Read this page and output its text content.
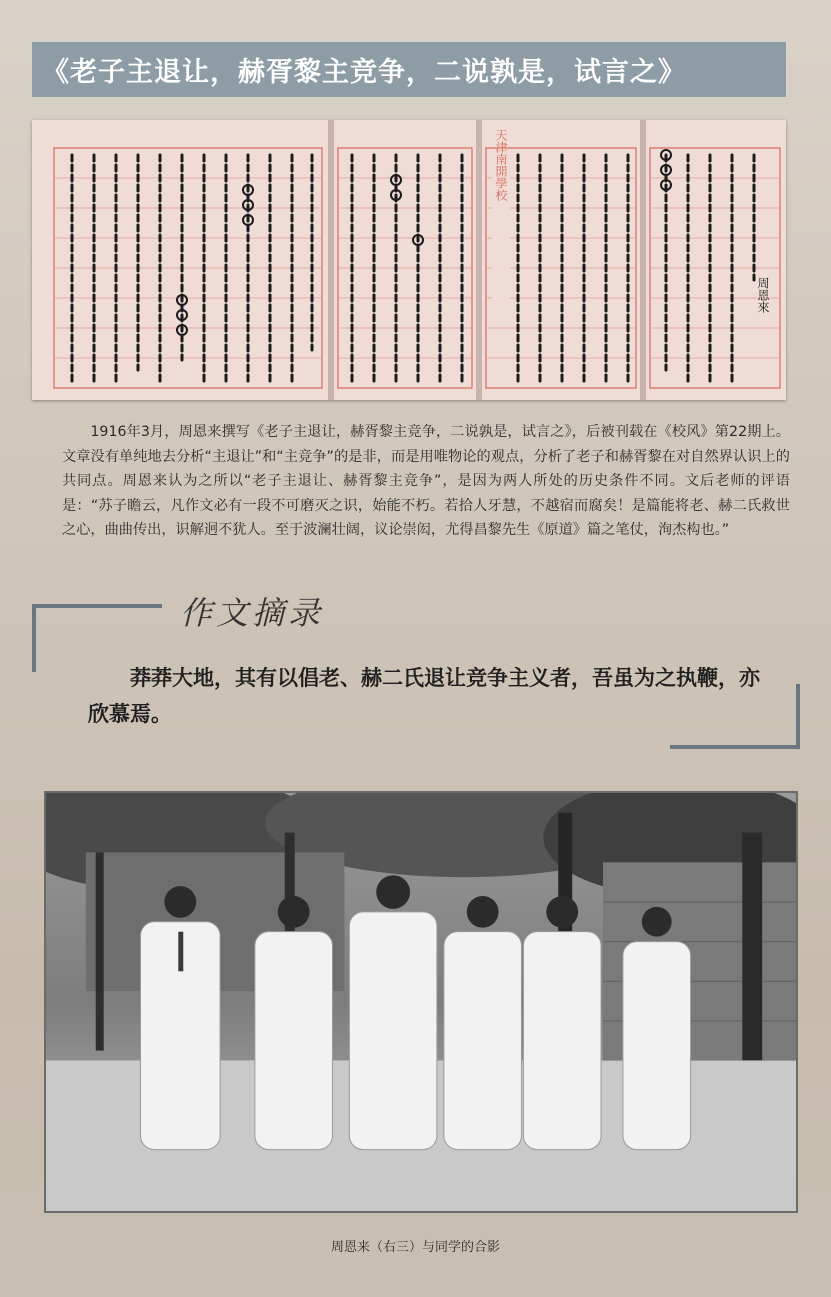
《老子主退让，赫胥黎主竞争，二说孰是，试言之》
天津南開學校
周恩來

1916年3月，周恩来撰写《老子主退让，赫胥黎主竞争，二说孰是，试言之》，后被刊载在《校风》第22期上。文章没有单纯地去分析“主退让”和“主竞争”的是非，而是用唯物论的观点，分析了老子和赫胥黎在对自然界认识上的共同点。周恩来认为之所以“老子主退让、赫胥黎主竞争”，是因为两人所处的历史条件不同。文后老师的评语是：“苏子瞻云，凡作文必有一段不可磨灭之识，始能不朽。若拾人牙慧，不越宿而腐矣！是篇能将老、赫二氏救世之心，曲曲传出，识解迥不犹人。至于波澜壮阔，议论崇闳，尤得昌黎先生《原道》篇之笔仗，洵杰构也。”

作文摘录

莽莽大地，其有以倡老、赫二氏退让竞争主义者，吾虽为之执鞭，亦欣慕焉。

周恩来（右三）与同学的合影
